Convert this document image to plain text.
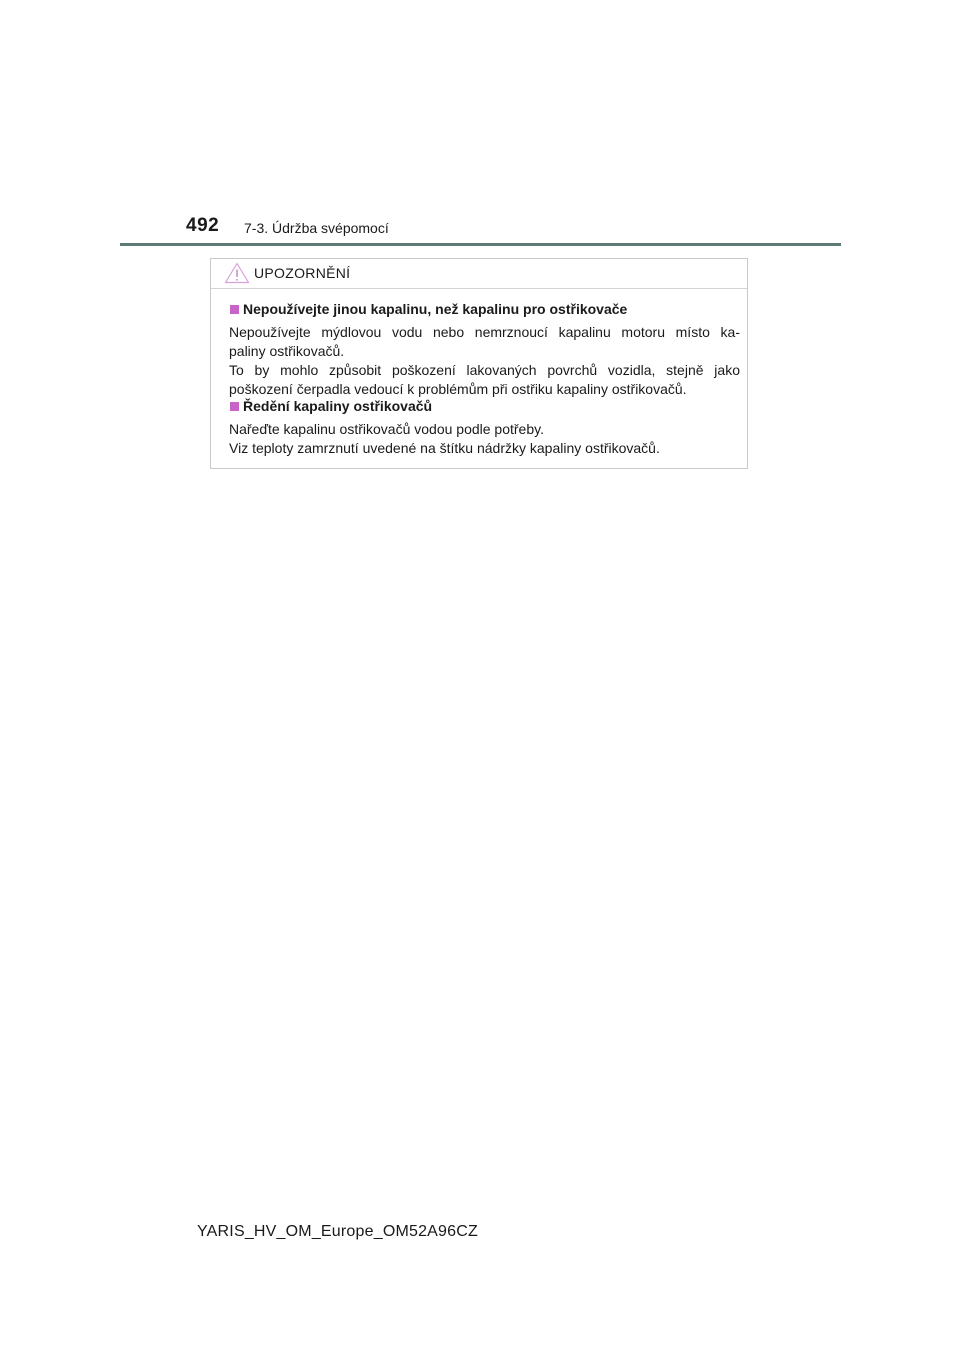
492 7-3. Údržba svépomocí
UPOZORNĚNÍ
Nepoužívejte jinou kapalinu, než kapalinu pro ostřikovače

Nepoužívejte mýdlovou vodu nebo nemrznoucí kapalinu motoru místo ka-

paliny ostřikovačů.

To by mohlo způsobit poškození lakovaných povrchů vozidla, stejně jako

poškození čerpadla vedoucí k problémům při ostřiku kapaliny ostřikovačů.

Ředění kapaliny ostřikovačů

Nařeďte kapalinu ostřikovačů vodou podle potřeby.

Viz teploty zamrznutí uvedené na štítku nádržky kapaliny ostřikovačů.

YARIS_HV_OM_Europe_OM52A96CZ
